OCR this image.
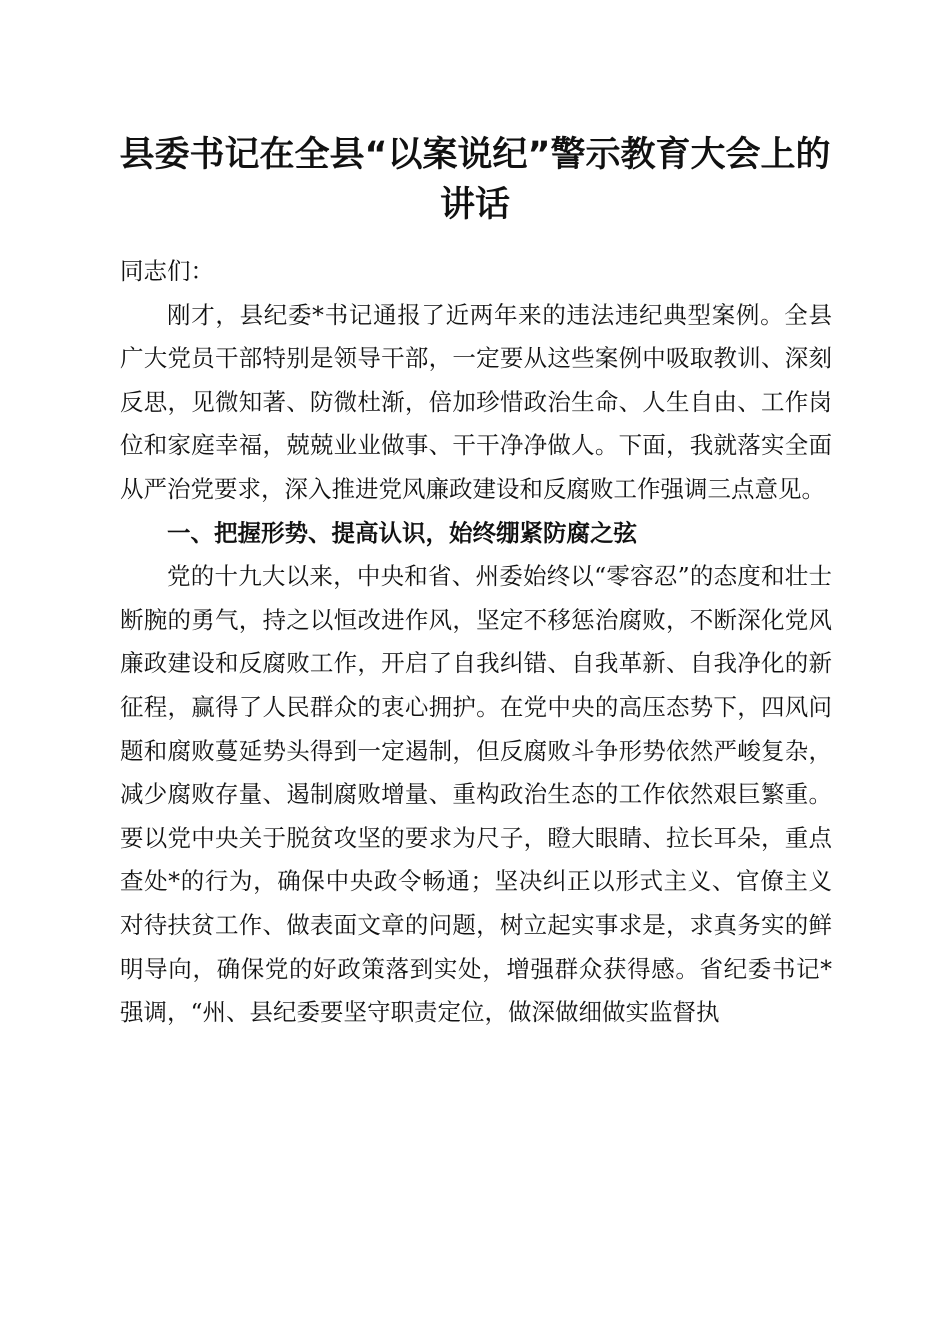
县委书记在全县“以案说纪”警示教育大会上的讲话

同志们：

刚才，县纪委*书记通报了近两年来的违法违纪典型案例。全县广大党员干部特别是领导干部，一定要从这些案例中吸取教训、深刻反思，见微知著、防微杜渐，倍加珍惜政治生命、人生自由、工作岗位和家庭幸福，兢兢业业做事、干干净净做人。下面，我就落实全面从严治党要求，深入推进党风廉政建设和反腐败工作强调三点意见。

一、把握形势、提高认识，始终绷紧防腐之弦

党的十九大以来，中央和省、州委始终以“零容忍”的态度和壮士断腕的勇气，持之以恒改进作风，坚定不移惩治腐败，不断深化党风廉政建设和反腐败工作，开启了自我纠错、自我革新、自我净化的新征程，赢得了人民群众的衷心拥护。在党中央的高压态势下，四风问题和腐败蔓延势头得到一定遏制，但反腐败斗争形势依然严峻复杂，减少腐败存量、遏制腐败增量、重构政治生态的工作依然艰巨繁重。要以党中央关于脱贫攻坚的要求为尺子，瞪大眼睛、拉长耳朵，重点查处*的行为，确保中央政令畅通；坚决纠正以形式主义、官僚主义对待扶贫工作、做表面文章的问题，树立起实事求是，求真务实的鲜明导向，确保党的好政策落到实处，增强群众获得感。省纪委书记*强调，“州、县纪委要坚守职责定位，做深做细做实监督执
